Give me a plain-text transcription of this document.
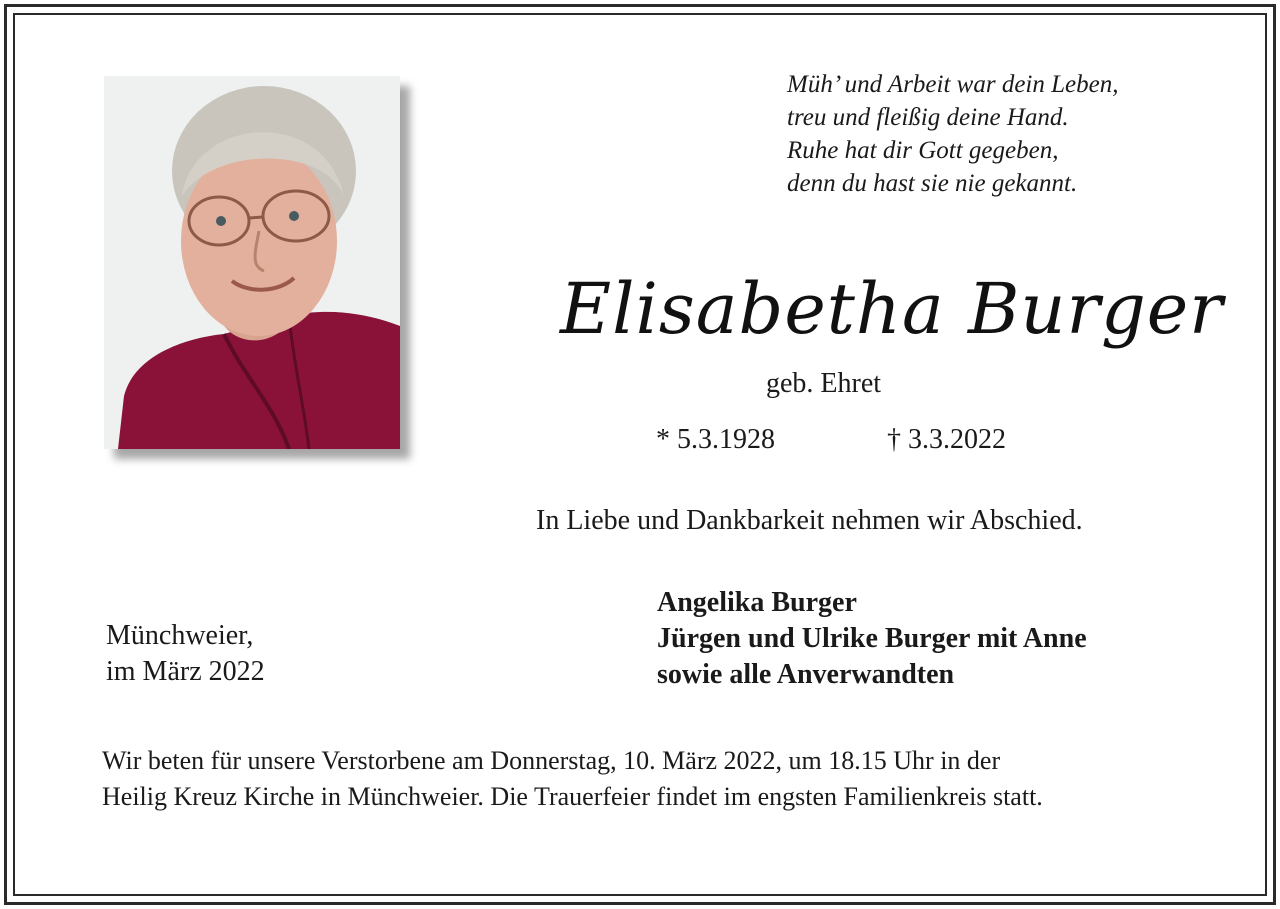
Müh’ und Arbeit war dein Leben,
treu und fleißig deine Hand.
Ruhe hat dir Gott gegeben,
denn du hast sie nie gekannt.
Elisabetha Burger
geb. Ehret
* 5.3.1928	† 3.3.2022
In Liebe und Dankbarkeit nehmen wir Abschied.
Münchweier,
im März 2022
Angelika Burger
Jürgen und Ulrike Burger mit Anne
sowie alle Anverwandten
Wir beten für unsere Verstorbene am Donnerstag, 10. März 2022, um 18.15 Uhr in der
Heilig Kreuz Kirche in Münchweier. Die Trauerfeier findet im engsten Familienkreis statt.
